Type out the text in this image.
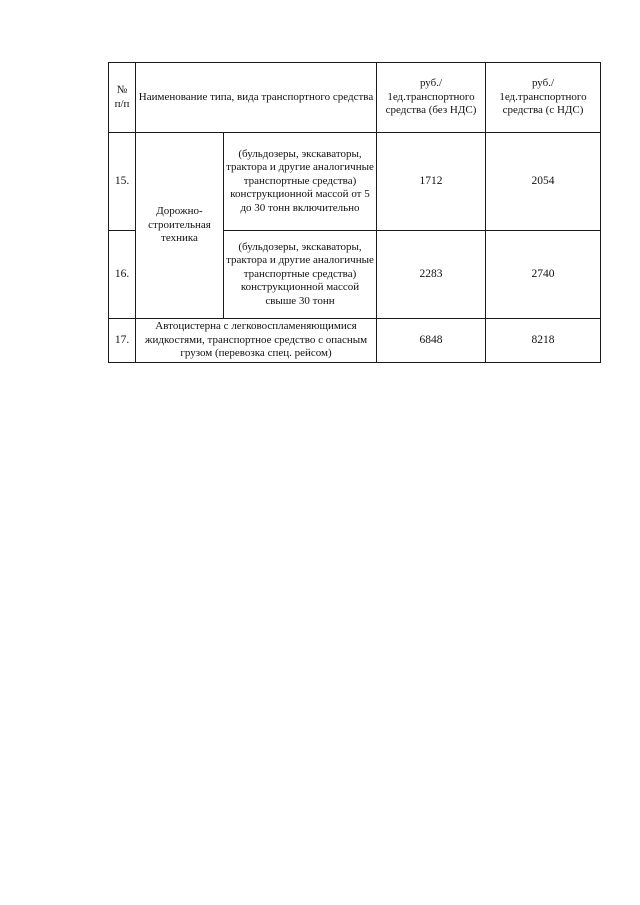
№ п/п	Наименование типа, вида транспортного средства		руб./ 1ед.транспортного средства (без НДС)	руб./ 1ед.транспортного средства (с НДС)
15.	Дорожно- строительная техника	(бульдозеры, экскаваторы, трактора и другие аналогичные транспортные средства) конструкционной массой от 5 до 30 тонн включительно	1712	2054
16.		(бульдозеры, экскаваторы, трактора и другие аналогичные транспортные средства) конструкционной массой свыше 30 тонн	2283	2740
17.	Автоцистерна с легковоспламеняющимися жидкостями, транспортное средство с опасным грузом (перевозка спец. рейсом)		6848	8218
